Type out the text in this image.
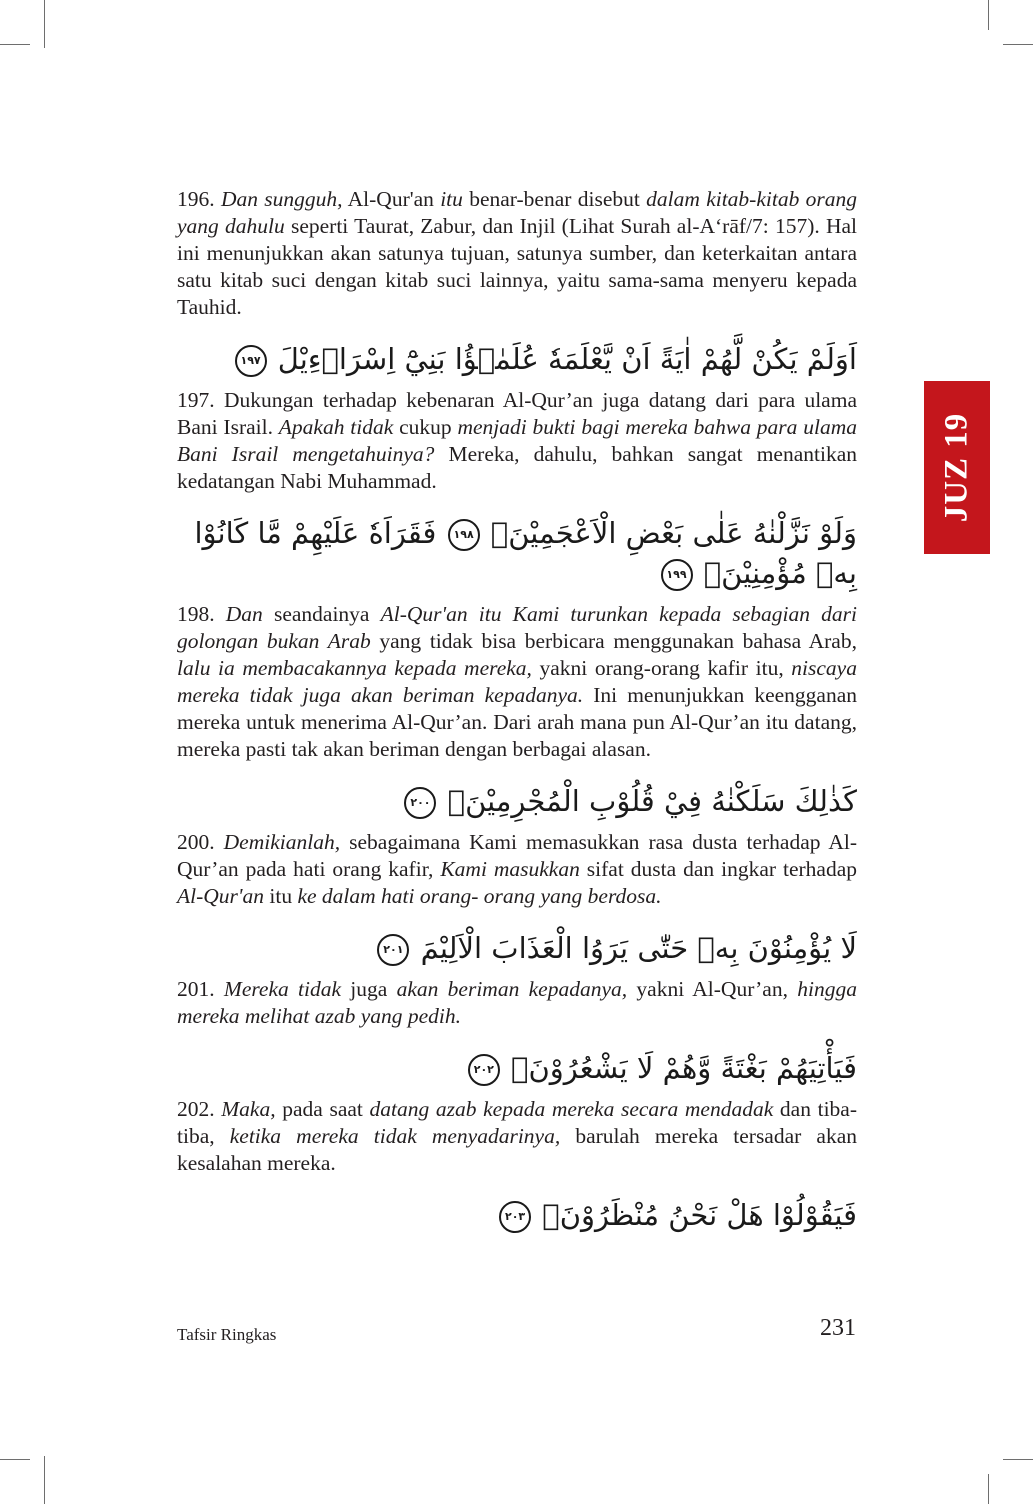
JUZ 19
196. Dan sungguh, Al-Qur'an itu benar-benar disebut dalam kitab-kitab orang yang dahulu seperti Taurat, Zabur, dan Injil (Lihat Surah al-A‘rāf/7: 157). Hal ini menunjukkan akan satunya tujuan, satunya sumber, dan keterkaitan antara satu kitab suci dengan kitab suci lainnya, yaitu sama-sama menyeru kepada Tauhid.
اَوَلَمْ يَكُنْ لَّهُمْ اٰيَةً اَنْ يَّعْلَمَهٗ عُلَمٰۤؤُا بَنِيْٓ اِسْرَاۤءِيْلَ ١٩٧
197. Dukungan terhadap kebenaran Al-Qur’an juga datang dari para ulama Bani Israil. Apakah tidak cukup menjadi bukti bagi mereka bahwa para ulama Bani Israil mengetahuinya? Mereka, dahulu, bahkan sangat menantikan kedatangan Nabi Muhammad.
وَلَوْ نَزَّلْنٰهُ عَلٰى بَعْضِ الْاَعْجَمِيْنَۙ ١٩٨ فَقَرَاَهٗ عَلَيْهِمْ مَّا كَانُوْا بِهٖ مُؤْمِنِيْنَۗ ١٩٩
198. Dan seandainya Al-Qur'an itu Kami turunkan kepada sebagian dari golongan bukan Arab yang tidak bisa berbicara menggunakan bahasa Arab, lalu ia membacakannya kepada mereka, yakni orang-orang kafir itu, niscaya mereka tidak juga akan beriman kepadanya. Ini menunjukkan keengganan mereka untuk menerima Al-Qur’an. Dari arah mana pun Al-Qur’an itu datang, mereka pasti tak akan beriman dengan berbagai alasan.
كَذٰلِكَ سَلَكْنٰهُ فِيْ قُلُوْبِ الْمُجْرِمِيْنَۗ ٢٠٠
200. Demikianlah, sebagaimana Kami memasukkan rasa dusta terhadap Al-Qur’an pada hati orang kafir, Kami masukkan sifat dusta dan ingkar terhadap Al-Qur'an itu ke dalam hati orang- orang yang berdosa.
لَا يُؤْمِنُوْنَ بِهٖ حَتّٰى يَرَوُا الْعَذَابَ الْاَلِيْمَ ٢٠١
201. Mereka tidak juga akan beriman kepadanya, yakni Al-Qur’an, hingga mereka melihat azab yang pedih.
فَيَأْتِيَهُمْ بَغْتَةً وَّهُمْ لَا يَشْعُرُوْنَۙ ٢٠٢
202. Maka, pada saat datang azab kepada mereka secara mendadak dan tiba-tiba, ketika mereka tidak menyadarinya, barulah mereka tersadar akan kesalahan mereka.
فَيَقُوْلُوْا هَلْ نَحْنُ مُنْظَرُوْنَۗ ٢٠٣
Tafsir Ringkas	231
